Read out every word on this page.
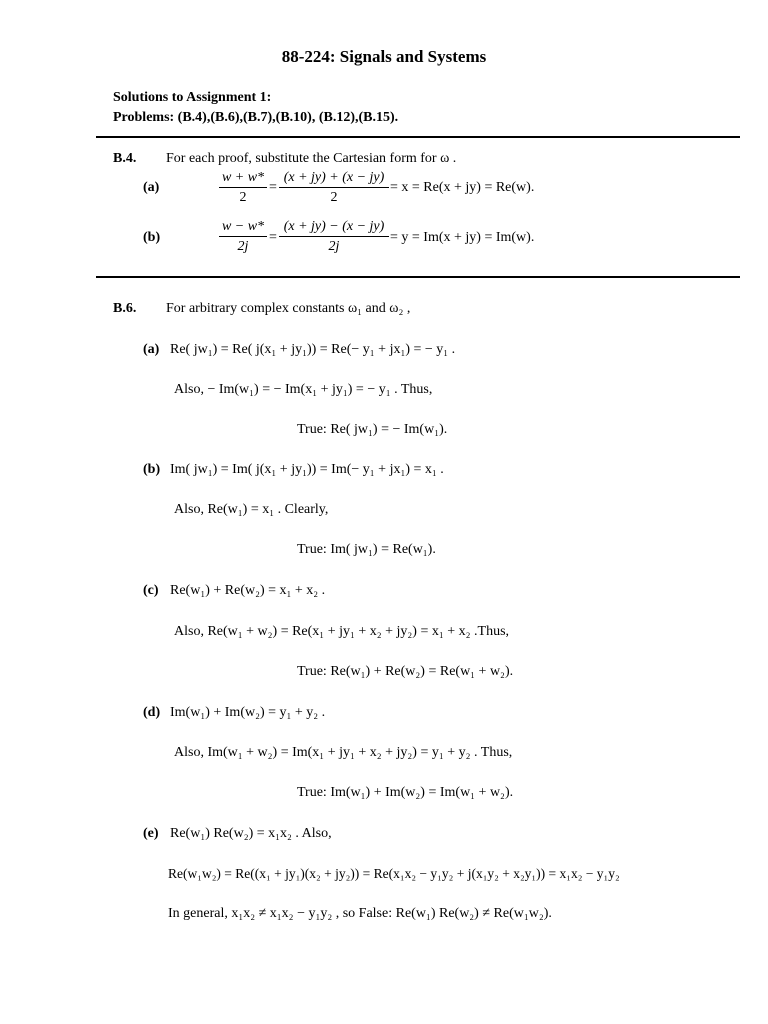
88-224: Signals and Systems
Solutions to Assignment 1:
Problems: (B.4),(B.6),(B.7),(B.10), (B.12),(B.15).
B.4. For each proof, substitute the Cartesian form for ω .
(a)
w + w*
2
=
(x + jy) + (x − jy)
2
= x = Re(x + jy) = Re(w).
(b)
w − w*
2j
=
(x + jy) − (x − jy)
2j
= y = Im(x + jy) = Im(w).
B.6. For arbitrary complex constants ω₁ and ω₂ ,
(a) Re( jw₁) = Re( j(x₁ + jy₁)) = Re(− y₁ + jx₁) = − y₁ .
Also, − Im(w₁) = − Im(x₁ + jy₁) = − y₁ . Thus,
True: Re( jw₁) = − Im(w₁).
(b) Im( jw₁) = Im( j(x₁ + jy₁)) = Im(− y₁ + jx₁) = x₁ .
Also, Re(w₁) = x₁ . Clearly,
True: Im( jw₁) = Re(w₁).
(c) Re(w₁) + Re(w₂) = x₁ + x₂ .
Also, Re(w₁ + w₂) = Re(x₁ + jy₁ + x₂ + jy₂) = x₁ + x₂ .Thus,
True: Re(w₁) + Re(w₂) = Re(w₁ + w₂).
(d) Im(w₁) + Im(w₂) = y₁ + y₂ .
Also, Im(w₁ + w₂) = Im(x₁ + jy₁ + x₂ + jy₂) = y₁ + y₂ . Thus,
True: Im(w₁) + Im(w₂) = Im(w₁ + w₂).
(e) Re(w₁) Re(w₂) = x₁x₂ . Also,
Re(w₁w₂) = Re((x₁ + jy₁)(x₂ + jy₂)) = Re(x₁x₂ − y₁y₂ + j(x₁y₂ + x₂y₁)) = x₁x₂ − y₁y₂
In general, x₁x₂ ≠ x₁x₂ − y₁y₂ , so False: Re(w₁) Re(w₂) ≠ Re(w₁w₂).
